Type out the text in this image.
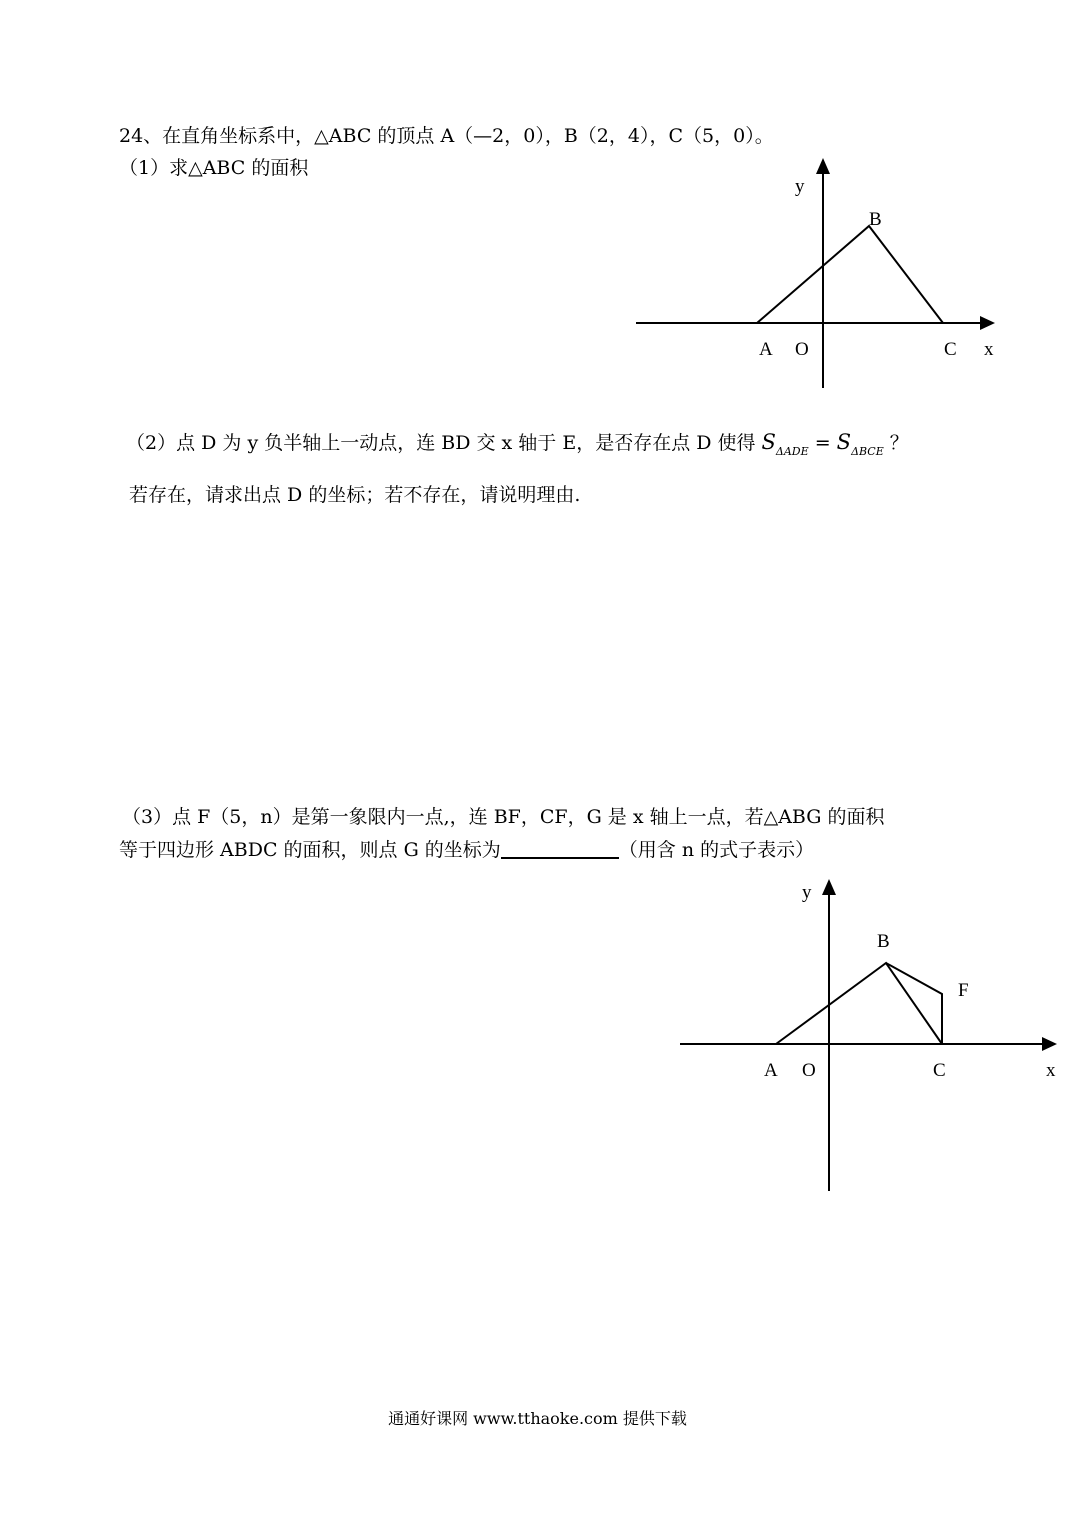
24、在直角坐标系中，△ABC 的顶点 A（—2，0），B（2，4），C（5，0）。

（1）求△ABC 的面积

y
B
A O	C x

（2）点 D 为 y 负半轴上一动点，连 BD 交 x 轴于 E，是否存在点 D 使得 $S_{\Delta ADE} = S_{\Delta BCE}$ ？

若存在，请求出点 D 的坐标；若不存在，请说明理由.

（3）点 F（5，n）是第一象限内一点,，连 BF，CF，G 是 x 轴上一点，若△ABG 的面积

等于四边形 ABDC 的面积，则点 G 的坐标为	（用含 n 的式子表示）

y
B
F
A O	C	x
通通好课网 www.tthaoke.com 提供下载
